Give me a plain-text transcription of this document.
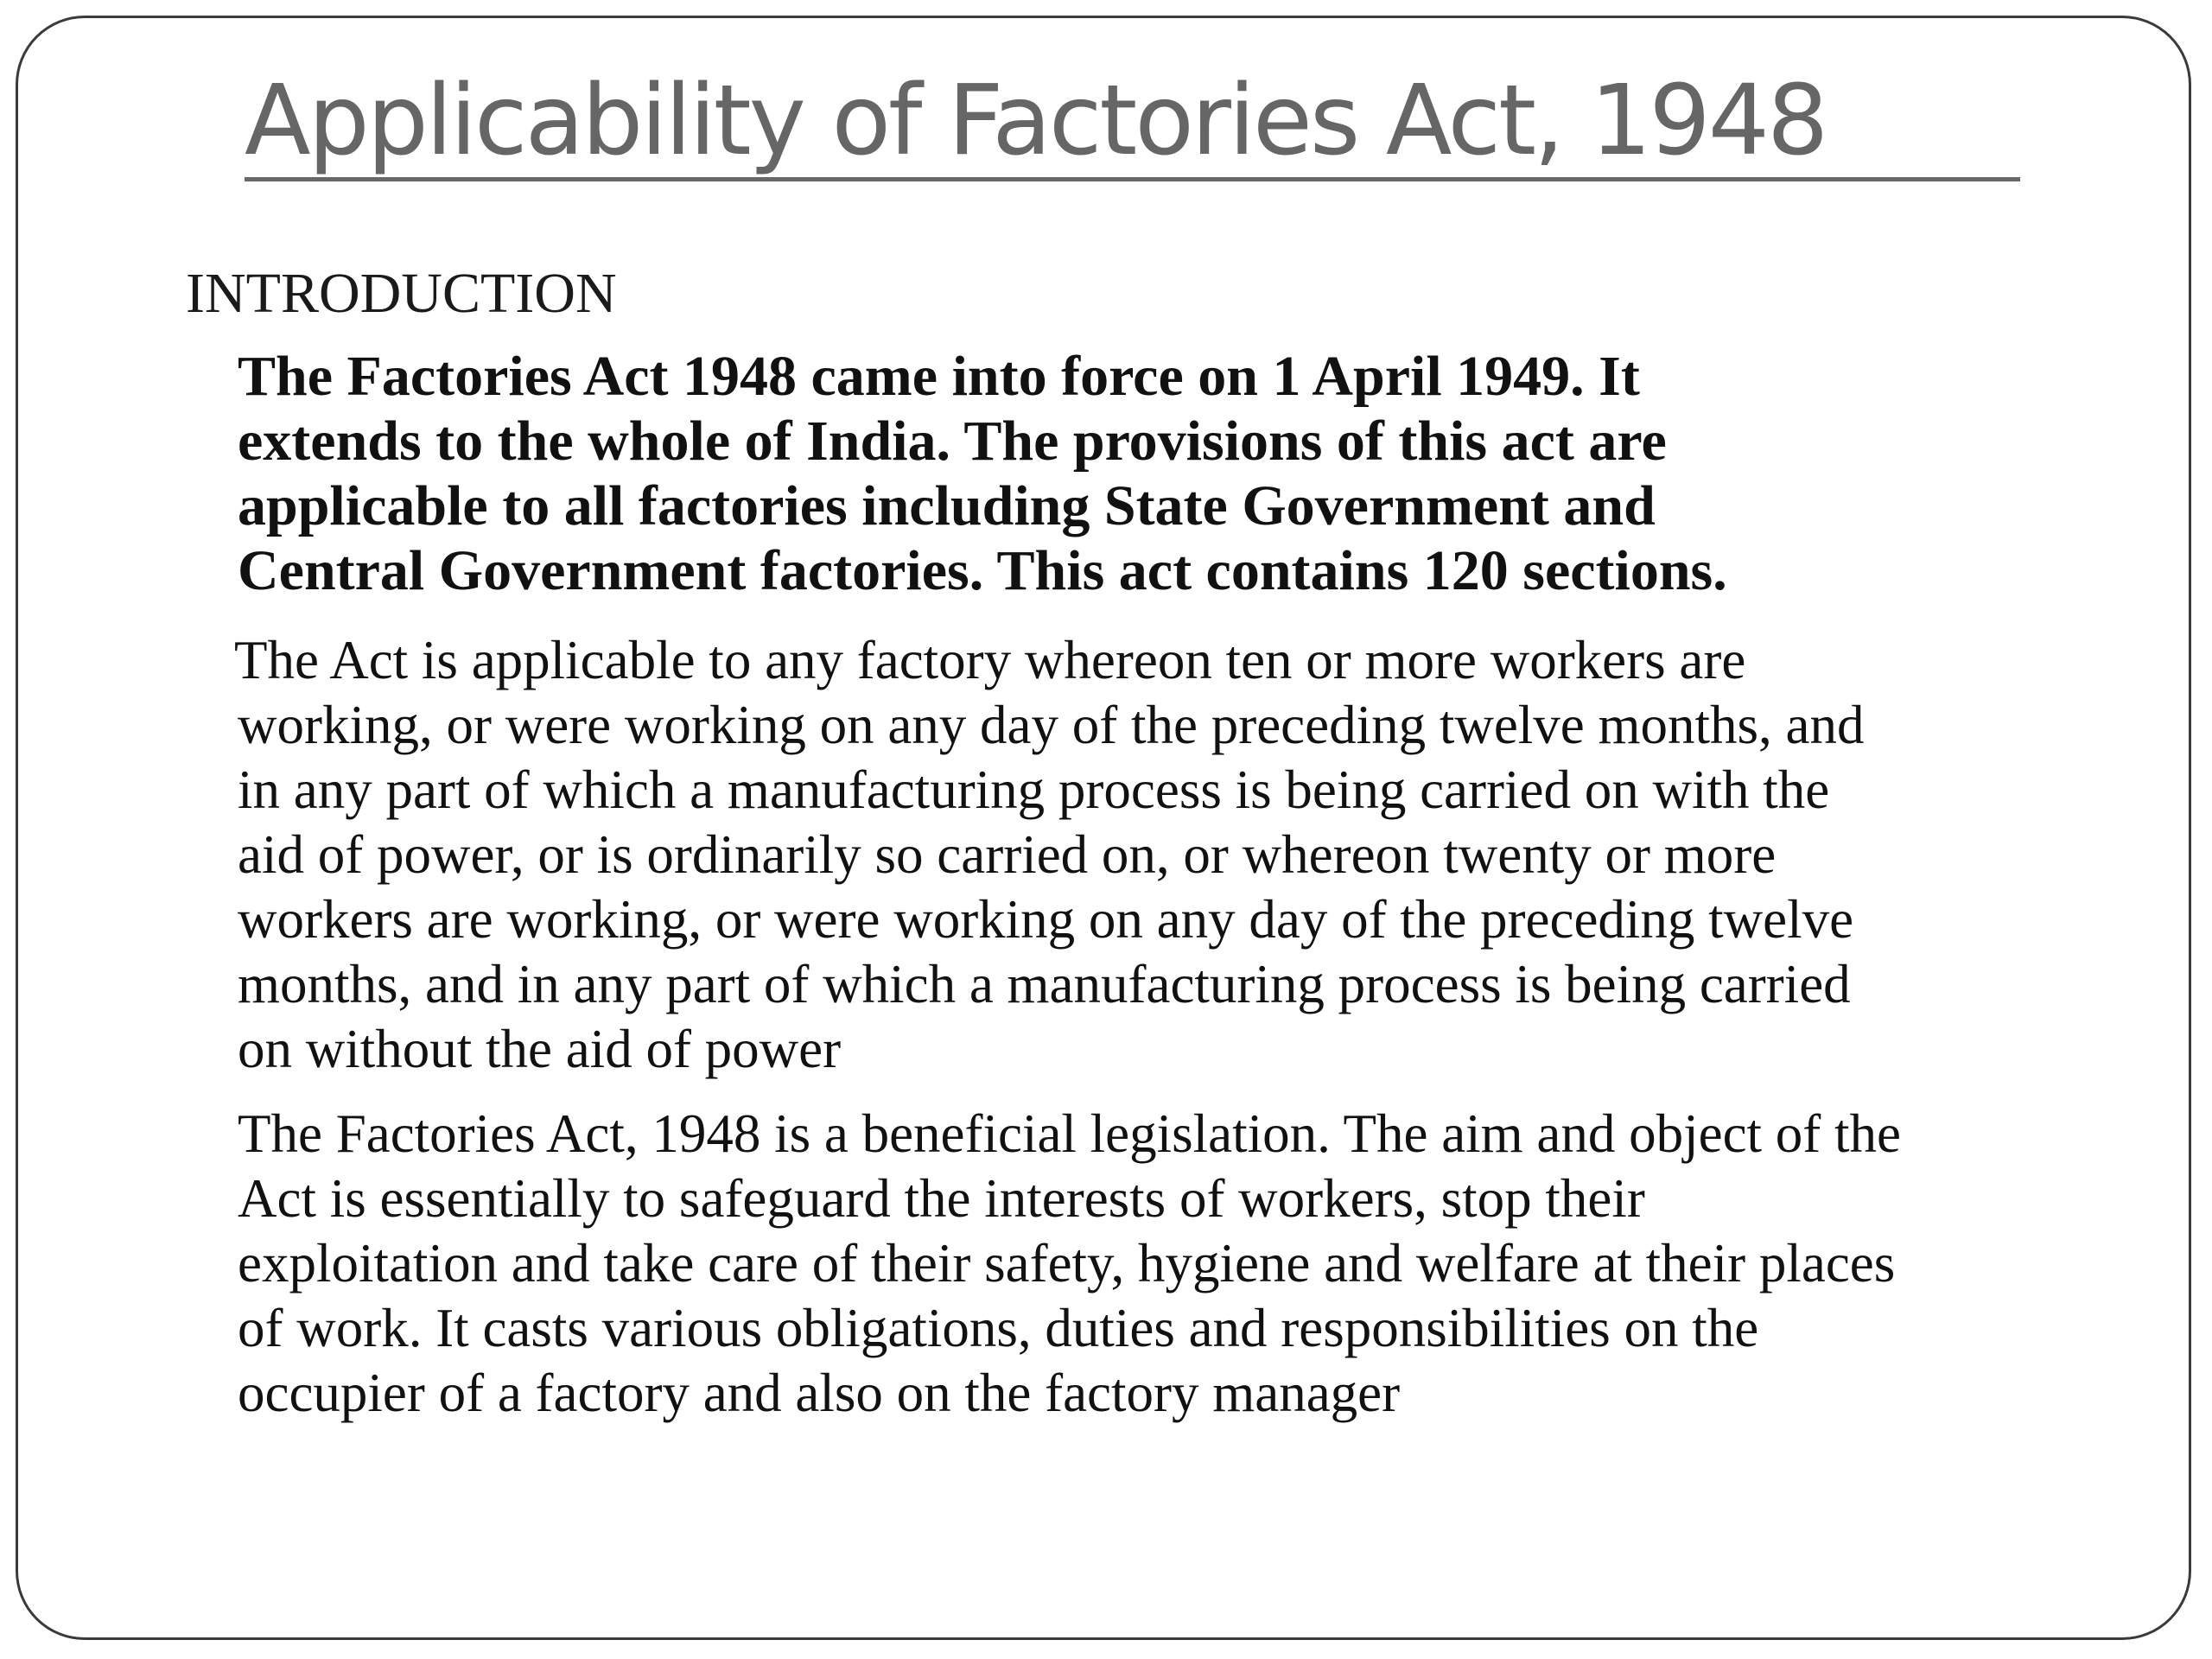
Applicability of Factories Act, 1948
INTRODUCTION
The Factories Act 1948 came into force on 1 April 1949. It
extends to the whole of India. The provisions of this act are
applicable to all factories including State Government and
Central Government factories. This act contains 120 sections.
The Act is applicable to any factory whereon ten or more workers are
working, or were working on any day of the preceding twelve months, and
in any part of which a manufacturing process is being carried on with the
aid of power, or is ordinarily so carried on, or whereon twenty or more
workers are working, or were working on any day of the preceding twelve
months, and in any part of which a manufacturing process is being carried
on without the aid of power
The Factories Act, 1948 is a beneficial legislation. The aim and object of the
Act is essentially to safeguard the interests of workers, stop their
exploitation and take care of their safety, hygiene and welfare at their places
of work. It casts various obligations, duties and responsibilities on the
occupier of a factory and also on the factory manager
